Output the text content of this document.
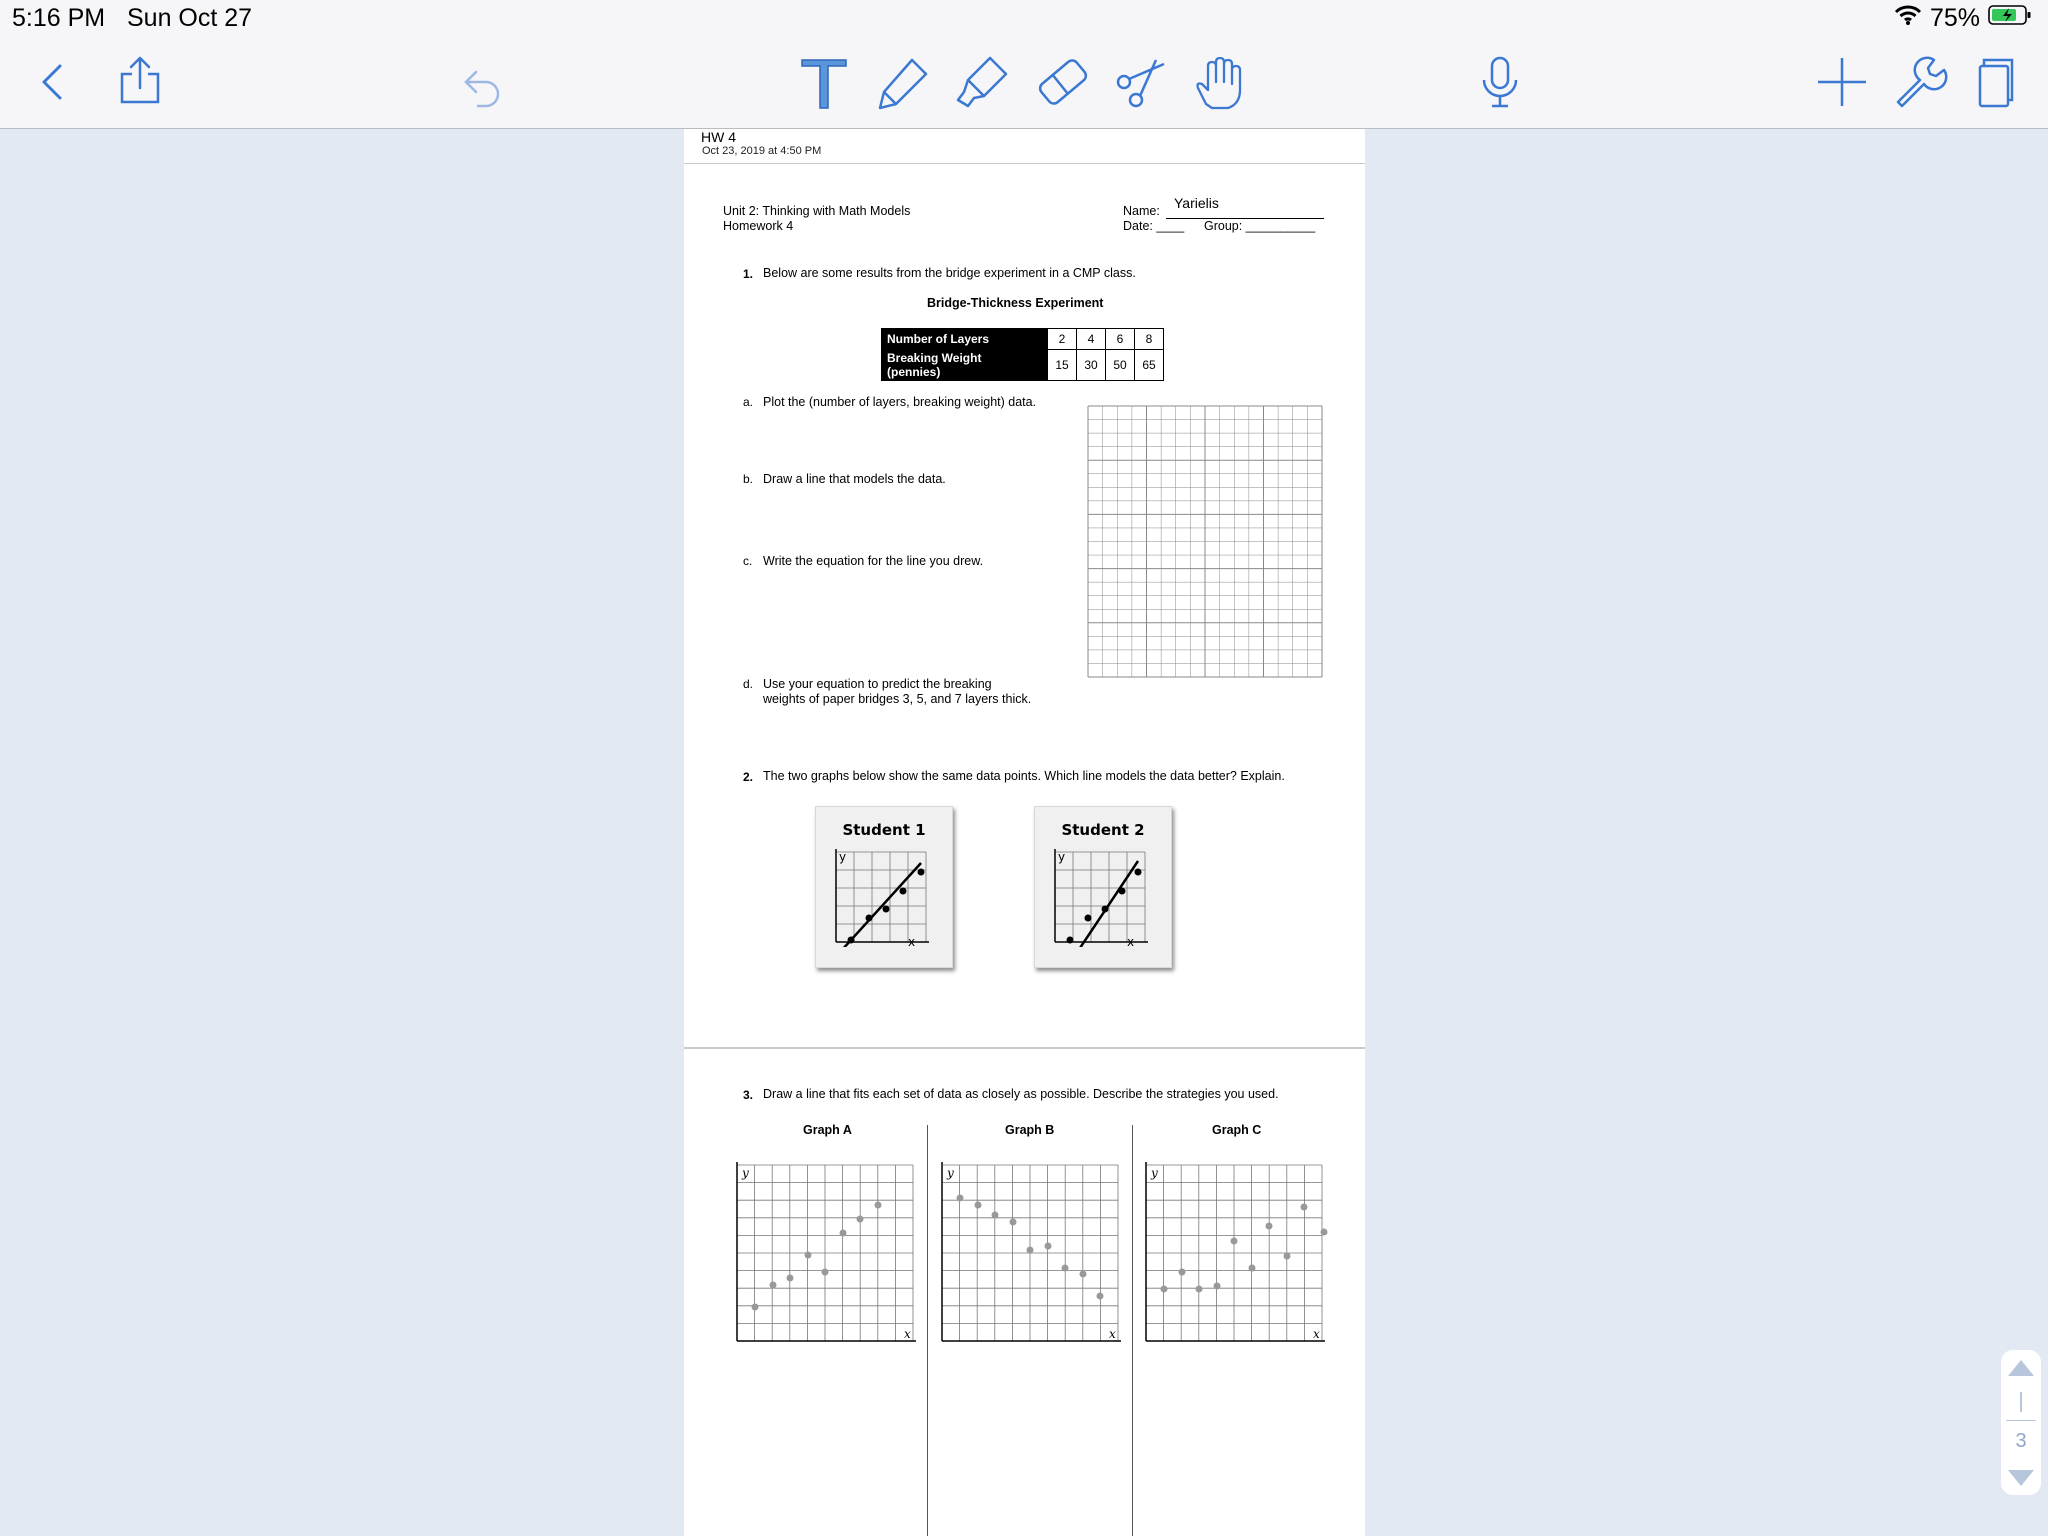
5:16 PM Sun Oct 27	75%
HW 4
Oct 23, 2019 at 4:50 PM
Unit 2: Thinking with Math Models
Homework 4
Name: Yarielis
Date: ____ Group: __________
1. Below are some results from the bridge experiment in a CMP class.
Bridge-Thickness Experiment
Number of Layers	2	4	6	8
Breaking Weight
(pennies)	15	30	50	65
a. Plot the (number of layers, breaking weight) data.
b. Draw a line that models the data.
c. Write the equation for the line you drew.
d. Use your equation to predict the breaking
weights of paper bridges 3, 5, and 7 layers thick.
2. The two graphs below show the same data points. Which line models the data better? Explain.
Student 1
y
x
Student 2
y
x
3. Draw a line that fits each set of data as closely as possible. Describe the strategies you used.
Graph A	Graph B	Graph C
y
x
y
x
y
x
3
